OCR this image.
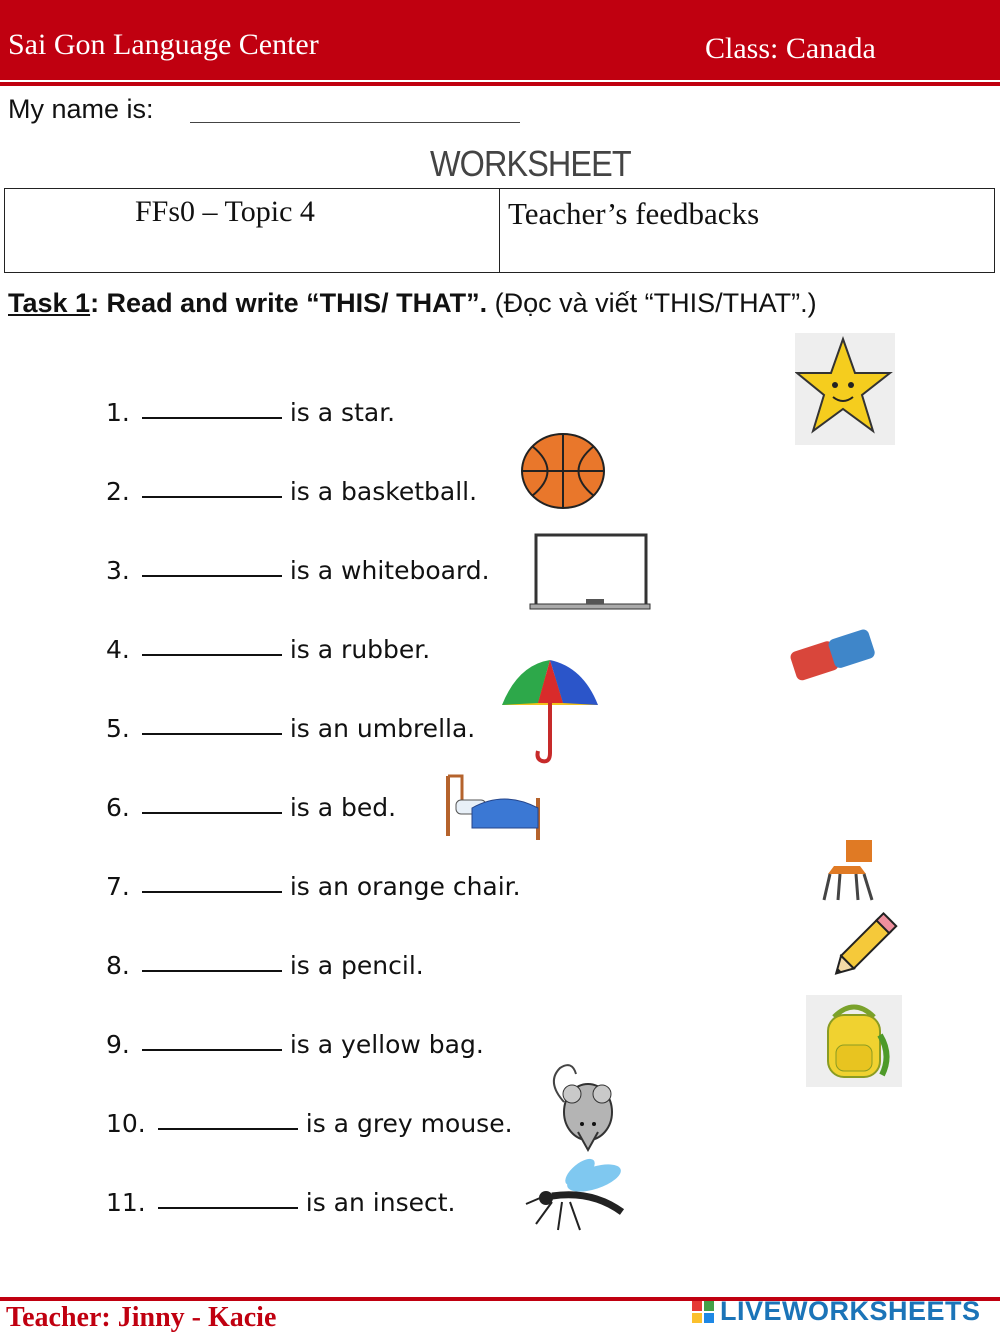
Sai Gon Language Center	Class: Canada
My name is:
WORKSHEET
FFs0 – Topic 4	Teacher’s feedbacks
Task 1: Read and write “THIS/ THAT”. (Đọc và viết “THIS/THAT”.)
1.	is a star.
2.	is a basketball.
3.	is a whiteboard.
4.	is a rubber.
5.	is an umbrella.
6.	is a bed.
7.	is an orange chair.
8.	is a pencil.
9.	is a yellow bag.
10.	is a grey mouse.
11.	is an insect.
Teacher: Jinny - Kacie	LIVEWORKSHEETS
